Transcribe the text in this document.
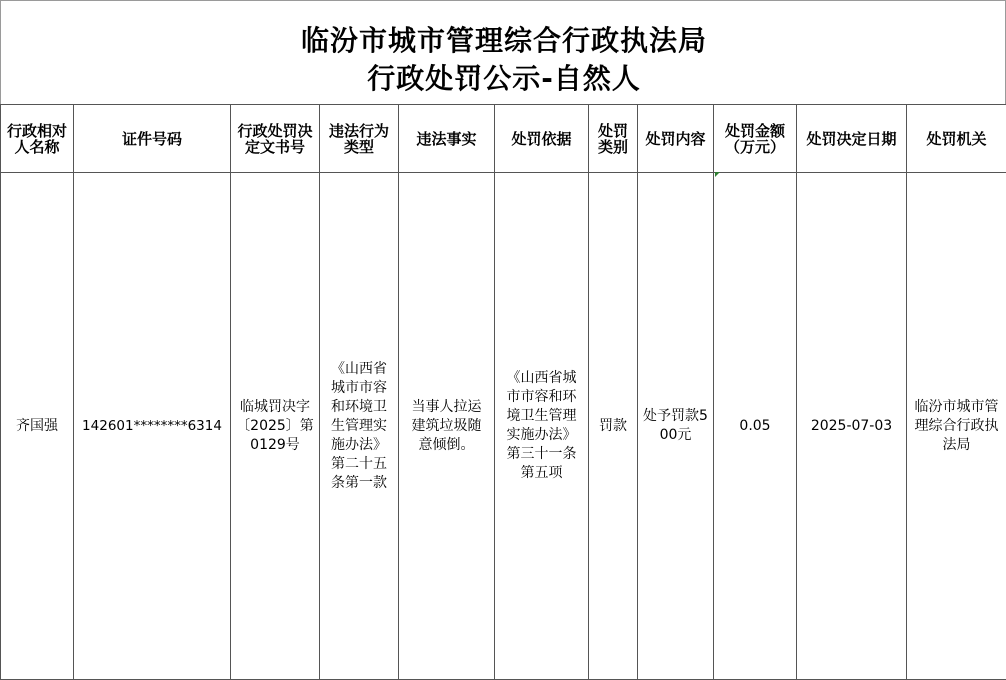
临汾市城市管理综合行政执法局
行政处罚公示-自然人
行政相对人名称	证件号码	行政处罚决定文书号	违法行为类型	违法事实	处罚依据	处罚类别	处罚内容	处罚金额（万元）	处罚决定日期	处罚机关
齐国强	142601********6314	临城罚决字〔2025〕第0129号	《山西省城市市容和环境卫生管理实施办法》第二十五条第一款	当事人拉运建筑垃圾随意倾倒。	《山西省城市市容和环境卫生管理实施办法》第三十一条第五项	罚款	处予罚款500元	0.05	2025-07-03	临汾市城市管理综合行政执法局
